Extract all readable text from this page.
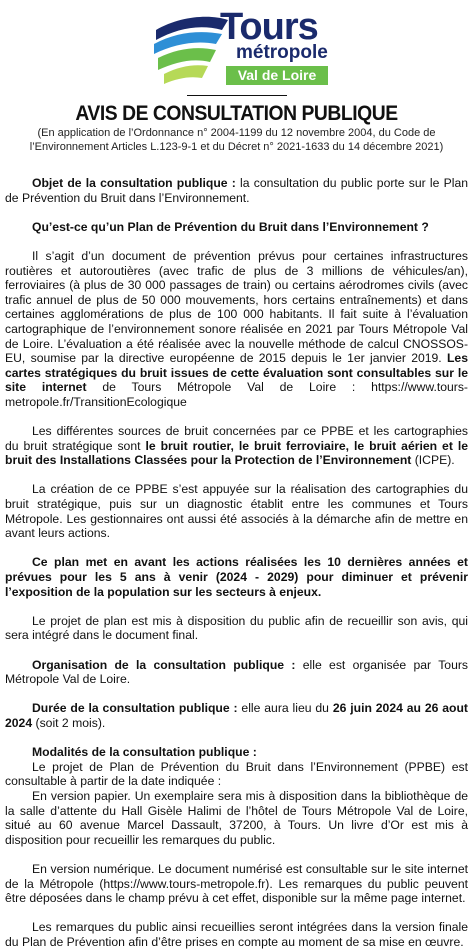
Tours
métropole
Val de Loire
AVIS DE CONSULTATION PUBLIQUE
(En application de l’Ordonnance n° 2004-1199 du 12 novembre 2004, du Code de l’Environnement Articles L.123-9-1 et du Décret n° 2021-1633 du 14 décembre 2021)

Objet de la consultation publique : la consultation du public porte sur le Plan de Prévention du Bruit dans l’Environnement.

Qu’est-ce qu’un Plan de Prévention du Bruit dans l’Environnement ?

Il s’agit d’un document de prévention prévus pour certaines infrastructures routières et autoroutières (avec trafic de plus de 3 millions de véhicules/an), ferroviaires (à plus de 30 000 passages de train) ou certains aérodromes civils (avec trafic annuel de plus de 50 000 mouvements, hors certains entraînements) et dans certaines agglomérations de plus de 100 000 habitants. Il fait suite à l’évaluation cartographique de l’environnement sonore réalisée en 2021 par Tours Métropole Val de Loire. L’évaluation a été réalisée avec la nouvelle méthode de calcul CNOSSOS-EU, soumise par la directive européenne de 2015 depuis le 1er janvier 2019. Les cartes stratégiques du bruit issues de cette évaluation sont consultables sur le site internet de Tours Métropole Val de Loire : https://www.tours-metropole.fr/TransitionEcologique

Les différentes sources de bruit concernées par ce PPBE et les cartographies du bruit stratégique sont le bruit routier, le bruit ferroviaire, le bruit aérien et le bruit des Installations Classées pour la Protection de l’Environnement (ICPE).

La création de ce PPBE s’est appuyée sur la réalisation des cartographies du bruit stratégique, puis sur un diagnostic établit entre les communes et Tours Métropole. Les gestionnaires ont aussi été associés à la démarche afin de mettre en avant leurs actions.

Ce plan met en avant les actions réalisées les 10 dernières années et prévues pour les 5 ans à venir (2024 - 2029) pour diminuer et prévenir l’exposition de la population sur les secteurs à enjeux.

Le projet de plan est mis à disposition du public afin de recueillir son avis, qui sera intégré dans le document final.

Organisation de la consultation publique : elle est organisée par Tours Métropole Val de Loire.

Durée de la consultation publique : elle aura lieu du 26 juin 2024 au 26 aout 2024 (soit 2 mois).

Modalités de la consultation publique :

Le projet de Plan de Prévention du Bruit dans l’Environnement (PPBE) est consultable à partir de la date indiquée :

En version papier. Un exemplaire sera mis à disposition dans la bibliothèque de la salle d’attente du Hall Gisèle Halimi de l’hôtel de Tours Métropole Val de Loire, situé au 60 avenue Marcel Dassault, 37200, à Tours. Un livre d’Or est mis à disposition pour recueillir les remarques du public.

En version numérique. Le document numérisé est consultable sur le site internet de la Métropole (https://www.tours-metropole.fr). Les remarques du public peuvent être déposées dans le champ prévu à cet effet, disponible sur la même page internet.

Les remarques du public ainsi recueillies seront intégrées dans la version finale du Plan de Prévention afin d’être prises en compte au moment de sa mise en œuvre.
